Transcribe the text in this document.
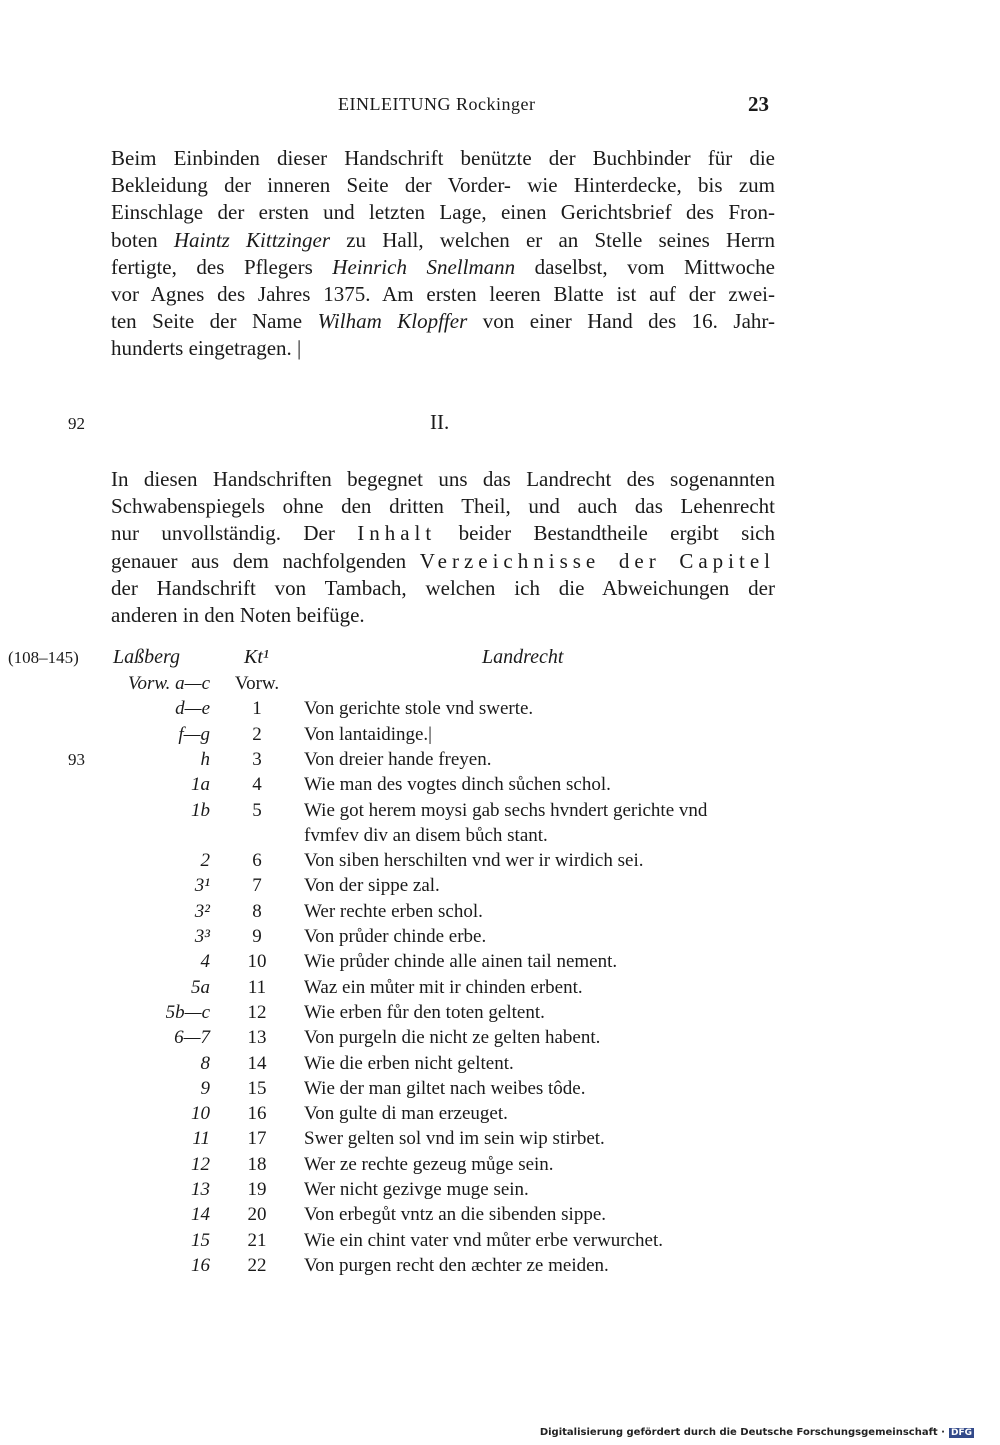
EINLEITUNG Rockinger	23
Beim Einbinden dieser Handschrift benützte der Buchbinder für die
Bekleidung der inneren Seite der Vorder- wie Hinterdecke, bis zum
Einschlage der ersten und letzten Lage, einen Gerichtsbrief des Fron-
boten Haintz Kittzinger zu Hall, welchen er an Stelle seines Herrn
fertigte, des Pflegers Heinrich Snellmann daselbst, vom Mittwoche
vor Agnes des Jahres 1375. Am ersten leeren Blatte ist auf der zwei-
ten Seite der Name Wilham Klopffer von einer Hand des 16. Jahr-
hunderts eingetragen. |
92	II.
In diesen Handschriften begegnet uns das Landrecht des sogenannten
Schwabenspiegels ohne den dritten Theil, und auch das Lehenrecht
nur unvollständig. Der Inhalt beider Bestandtheile ergibt sich
genauer aus dem nachfolgenden Verzeichnisse der Capitel
der Handschrift von Tambach, welchen ich die Abweichungen der
anderen in den Noten beifüge.
(108–145) Laßberg	Kt¹	Landrecht
93
Vorw. a—c Vorw.
d—e	1	Von gerichte stole vnd swerte.
f—g	2	Von lantaidinge.|
h	3	Von dreier hande freyen.
1a	4	Wie man des vogtes dinch sůchen schol.
1b	5	Wie got herem moysi gab sechs hvndert gerichte vnd
fvmfev div an disem bůch stant.
2	6	Von siben herschilten vnd wer ir wirdich sei.
3¹	7	Von der sippe zal.
3²	8	Wer rechte erben schol.
3³	9	Von průder chinde erbe.
4	10	Wie průder chinde alle ainen tail nement.
5a	11	Waz ein můter mit ir chinden erbent.
5b—c	12	Wie erben fůr den toten geltent.
6—7	13	Von purgeln die nicht ze gelten habent.
8	14	Wie die erben nicht geltent.
9	15	Wie der man giltet nach weibes tôde.
10	16	Von gulte di man erzeuget.
11	17	Swer gelten sol vnd im sein wip stirbet.
12	18	Wer ze rechte gezeug můge sein.
13	19	Wer nicht gezivge muge sein.
14	20	Von erbegůt vntz an die sibenden sippe.
15	21	Wie ein chint vater vnd můter erbe verwurchet.
16	22	Von purgen recht den æchter ze meiden.
Digitalisierung gefördert durch die Deutsche Forschungsgemeinschaft · DFG
